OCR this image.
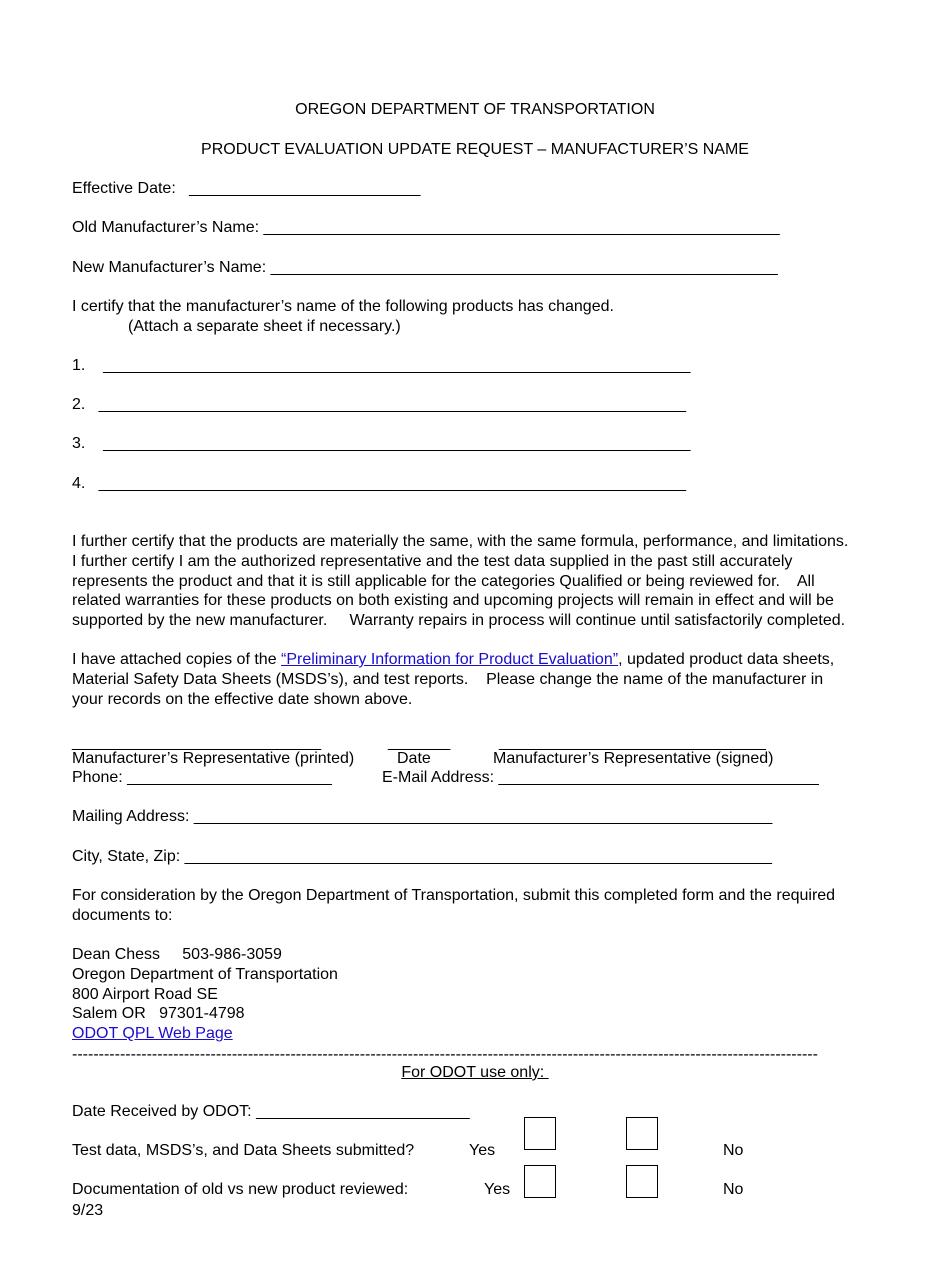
OREGON DEPARTMENT OF TRANSPORTATION
PRODUCT EVALUATION UPDATE REQUEST – MANUFACTURER’S NAME
Effective Date:   __________________________
Old Manufacturer’s Name: __________________________________________________________
New Manufacturer’s Name: _________________________________________________________
I certify that the manufacturer’s name of the following products has changed.
(Attach a separate sheet if necessary.)
1.    __________________________________________________________________
2.   __________________________________________________________________
3.    __________________________________________________________________
4.   __________________________________________________________________
I further certify that the products are materially the same, with the same formula, performance, and limitations.
I further certify I am the authorized representative and the test data supplied in the past still accurately
represents the product and that it is still applicable for the categories Qualified or being reviewed for.    All
related warranties for these products on both existing and upcoming projects will remain in effect and will be
supported by the new manufacturer.     Warranty repairs in process will continue until satisfactorily completed.
I have attached copies of the “Preliminary Information for Product Evaluation”, updated product data sheets,
Material Safety Data Sheets (MSDS’s), and test reports.    Please change the name of the manufacturer in
your records on the effective date shown above.
____________________________	_______	______________________________
Manufacturer’s Representative (printed)	Date	Manufacturer’s Representative (signed)
Phone: _______________________	E-Mail Address: ____________________________________
Mailing Address: _________________________________________________________________
City, State, Zip: __________________________________________________________________
For consideration by the Oregon Department of Transportation, submit this completed form and the required
documents to:
Dean Chess     503-986-3059
Oregon Department of Transportation
800 Airport Road SE
Salem OR   97301-4798
ODOT QPL Web Page
--------------------------------------------------------------------------------------------------------------------------------------------
For ODOT use only:
Date Received by ODOT: ________________________
Test data, MSDS’s, and Data Sheets submitted?	Yes	No
Documentation of old vs new product reviewed:	Yes	No
9/23
